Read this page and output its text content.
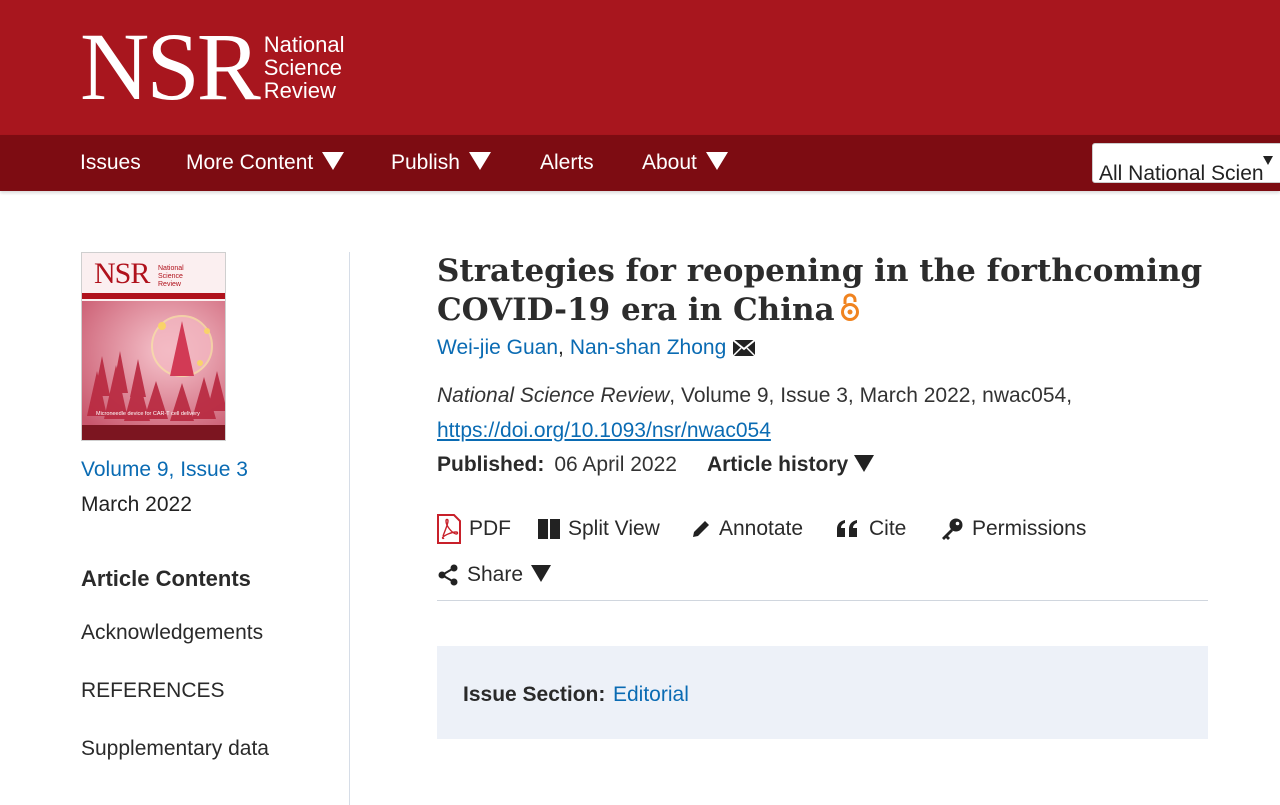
NSR National
Science
Review
Issues More Content	Publish	Alerts About	All National Scien
NSR National
Science
Review
Microneedle device for CAR-T cell delivery
Volume 9, Issue 3
March 2022
Article Contents
Acknowledgements
REFERENCES
Supplementary data
Strategies for reopening in the forthcoming COVID-19 era in China
Wei-jie Guan , Nan-shan Zhong
National Science Review, Volume 9, Issue 3, March 2022, nwac054,
https://doi.org/10.1093/nsr/nwac054
Published: 06 April 2022 Article history
PDF	Split View	Annotate	Cite	Permissions
Share
Issue Section: Editorial
